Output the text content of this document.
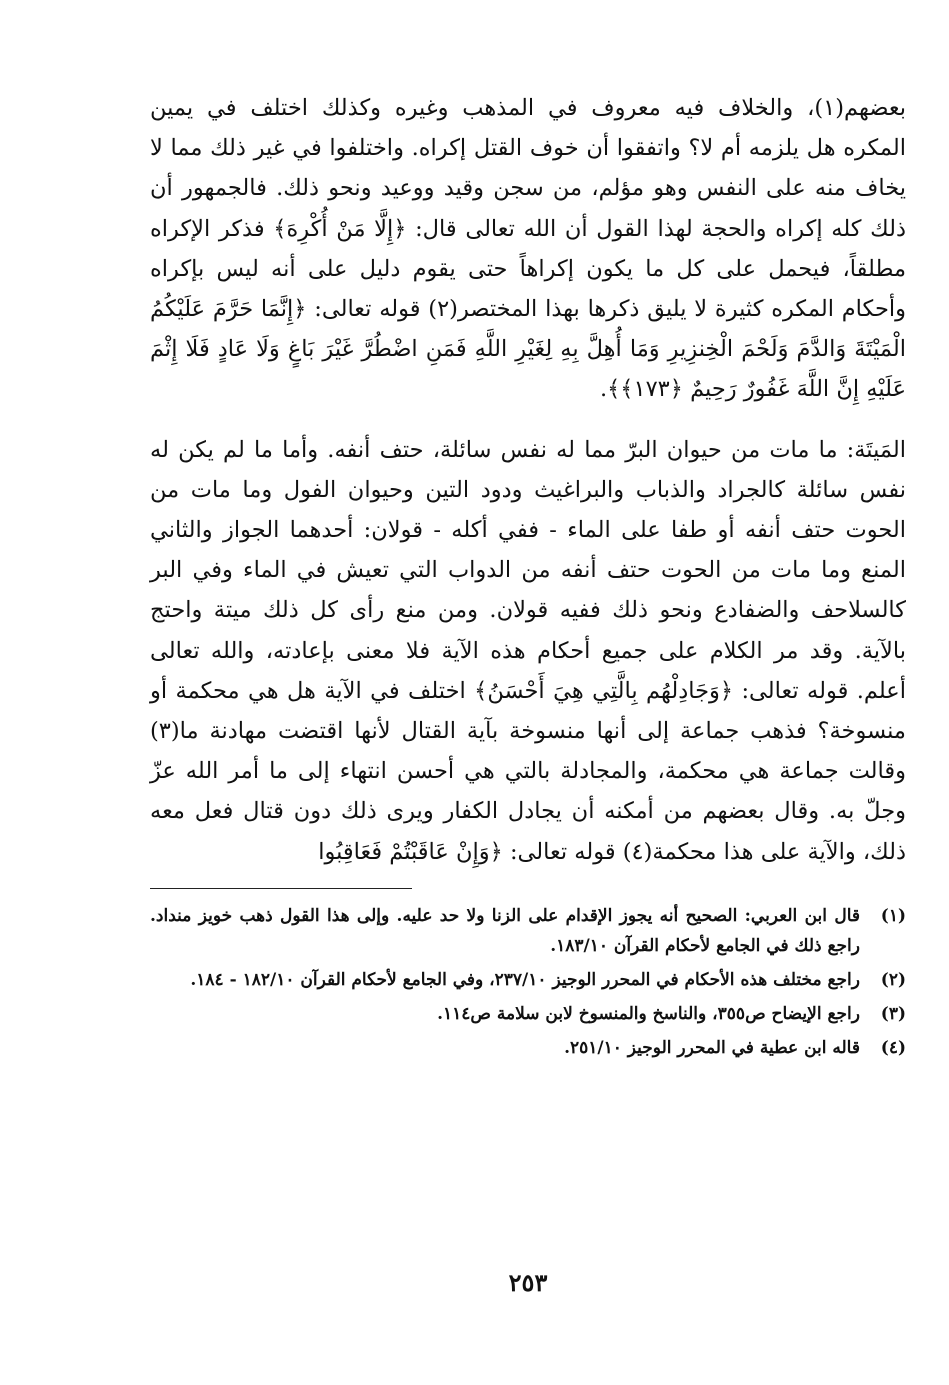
بعضهم(١)، والخلاف فيه معروف في المذهب وغيره وكذلك اختلف في يمين المكره هل يلزمه أم لا؟ واتفقوا أن خوف القتل إكراه. واختلفوا في غير ذلك مما لا يخاف منه على النفس وهو مؤلم، من سجن وقيد ووعيد ونحو ذلك. فالجمهور أن ذلك كله إكراه والحجة لهذا القول أن الله تعالى قال: ﴿إِلَّا مَنْ أُكْرِهَ﴾ فذكر الإكراه مطلقاً، فيحمل على كل ما يكون إكراهاً حتى يقوم دليل على أنه ليس بإكراه وأحكام المكره كثيرة لا يليق ذكرها بهذا المختصر(٢) قوله تعالى: ﴿إِنَّمَا حَرَّمَ عَلَيْكُمُ الْمَيْتَةَ وَالدَّمَ وَلَحْمَ الْخِنزِيرِ وَمَا أُهِلَّ بِهِ لِغَيْرِ اللَّهِ فَمَنِ اضْطُرَّ غَيْرَ بَاغٍ وَلَا عَادٍ فَلَا إِثْمَ عَلَيْهِ إِنَّ اللَّهَ غَفُورٌ رَحِيمٌ ﴿١٧٣﴾﴾.

المَيتَة: ما مات من حيوان البرّ مما له نفس سائلة، حتف أنفه. وأما ما لم يكن له نفس سائلة كالجراد والذباب والبراغيث ودود التين وحيوان الفول وما مات من الحوت حتف أنفه أو طفا على الماء - ففي أكله - قولان: أحدهما الجواز والثاني المنع وما مات من الحوت حتف أنفه من الدواب التي تعيش في الماء وفي البر كالسلاحف والضفادع ونحو ذلك ففيه قولان. ومن منع رأى كل ذلك ميتة واحتج بالآية. وقد مر الكلام على جميع أحكام هذه الآية فلا معنى بإعادته، والله تعالى أعلم. قوله تعالى: ﴿وَجَادِلْهُم بِالَّتِي هِيَ أَحْسَنُ﴾ اختلف في الآية هل هي محكمة أو منسوخة؟ فذهب جماعة إلى أنها منسوخة بآية القتال لأنها اقتضت مهادنة ما(٣) وقالت جماعة هي محكمة، والمجادلة بالتي هي أحسن انتهاء إلى ما أمر الله عزّ وجلّ به. وقال بعضهم من أمكنه أن يجادل الكفار ويرى ذلك دون قتال فعل معه ذلك، والآية على هذا محكمة(٤) قوله تعالى: ﴿وَإِنْ عَاقَبْتُمْ فَعَاقِبُوا

(١)
قال ابن العربي: الصحيح أنه يجوز الإقدام على الزنا ولا حد عليه. وإلى هذا القول ذهب خويز منداد. راجع ذلك في الجامع لأحكام القرآن ١٨٣/١٠.
(٢)
راجع مختلف هذه الأحكام في المحرر الوجيز ٢٣٧/١٠، وفي الجامع لأحكام القرآن ١٨٢/١٠ - ١٨٤.
(٣)
راجع الإيضاح ص٣٥٥، والناسخ والمنسوخ لابن سلامة ص١١٤.
(٤)
قاله ابن عطية في المحرر الوجيز ٢٥١/١٠.
٢٥٣
